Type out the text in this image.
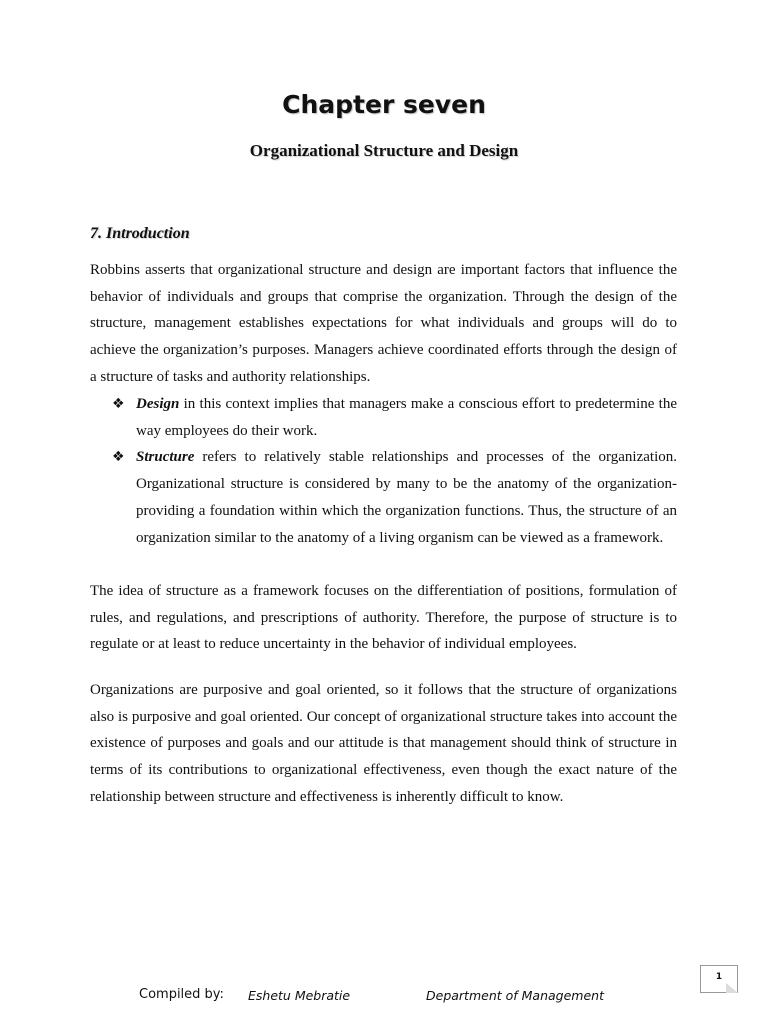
Chapter seven
Organizational Structure and Design
7. Introduction

Robbins asserts that organizational structure and design are important factors that influence the behavior of individuals and groups that comprise the organization. Through the design of the structure, management establishes expectations for what individuals and groups will do to achieve the organization’s purposes. Managers achieve coordinated efforts through the design of a structure of tasks and authority relationships.

❖ Design in this context implies that managers make a conscious effort to predetermine the way employees do their work.
❖ Structure refers to relatively stable relationships and processes of the organization. Organizational structure is considered by many to be the anatomy of the organization-providing a foundation within which the organization functions. Thus, the structure of an organization similar to the anatomy of a living organism can be viewed as a framework.

The idea of structure as a framework focuses on the differentiation of positions, formulation of rules, and regulations, and prescriptions of authority. Therefore, the purpose of structure is to regulate or at least to reduce uncertainty in the behavior of individual employees.

Organizations are purposive and goal oriented, so it follows that the structure of organizations also is purposive and goal oriented. Our concept of organizational structure takes into account the existence of purposes and goals and our attitude is that management should think of structure in terms of its contributions to organizational effectiveness, even though the exact nature of the relationship between structure and effectiveness is inherently difficult to know.

1
Compiled by: Eshetu Mebratie	Department of Management
